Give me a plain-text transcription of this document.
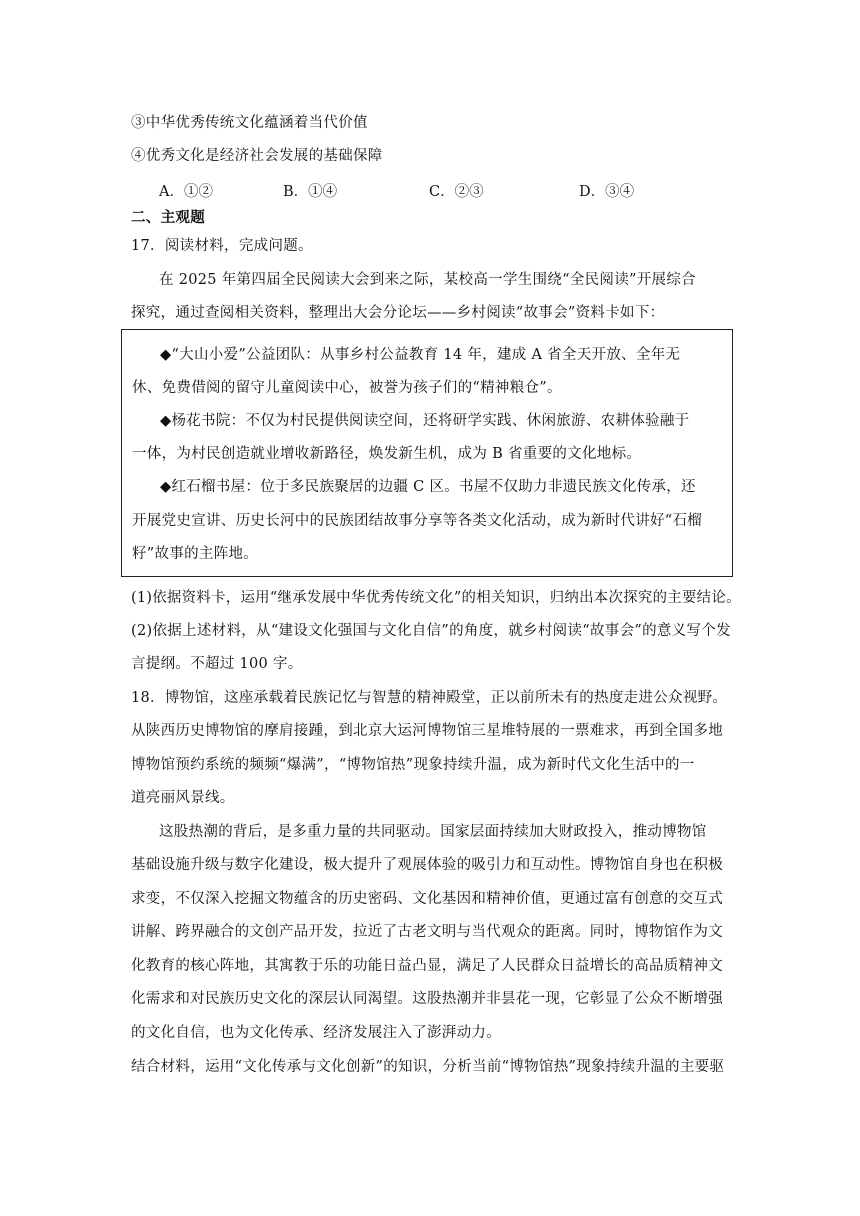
③中华优秀传统文化蕴涵着当代价值
④优秀文化是经济社会发展的基础保障
A．①②	B．①④	C．②③	D．③④
二、主观题
17．阅读材料，完成问题。
在 2025 年第四届全民阅读大会到来之际，某校高一学生围绕“全民阅读”开展综合
探究，通过查阅相关资料，整理出大会分论坛——乡村阅读“故事会”资料卡如下：
◆“大山小爱”公益团队：从事乡村公益教育 14 年，建成 A 省全天开放、全年无
休、免费借阅的留守儿童阅读中心，被誉为孩子们的“精神粮仓”。
◆杨花书院：不仅为村民提供阅读空间，还将研学实践、休闲旅游、农耕体验融于
一体，为村民创造就业增收新路径，焕发新生机，成为 B 省重要的文化地标。
◆红石榴书屋：位于多民族聚居的边疆 C 区。书屋不仅助力非遗民族文化传承，还
开展党史宣讲、历史长河中的民族团结故事分享等各类文化活动，成为新时代讲好“石榴
籽”故事的主阵地。
(1)依据资料卡，运用“继承发展中华优秀传统文化”的相关知识，归纳出本次探究的主要结论。
(2)依据上述材料，从“建设文化强国与文化自信”的角度，就乡村阅读“故事会”的意义写个发
言提纲。不超过 100 字。
18．博物馆，这座承载着民族记忆与智慧的精神殿堂，正以前所未有的热度走进公众视野。
从陕西历史博物馆的摩肩接踵，到北京大运河博物馆三星堆特展的一票难求，再到全国多地
博物馆预约系统的频频“爆满”，“博物馆热”现象持续升温，成为新时代文化生活中的一
道亮丽风景线。
这股热潮的背后，是多重力量的共同驱动。国家层面持续加大财政投入，推动博物馆
基础设施升级与数字化建设，极大提升了观展体验的吸引力和互动性。博物馆自身也在积极
求变，不仅深入挖掘文物蕴含的历史密码、文化基因和精神价值，更通过富有创意的交互式
讲解、跨界融合的文创产品开发，拉近了古老文明与当代观众的距离。同时，博物馆作为文
化教育的核心阵地，其寓教于乐的功能日益凸显，满足了人民群众日益增长的高品质精神文
化需求和对民族历史文化的深层认同渴望。这股热潮并非昙花一现，它彰显了公众不断增强
的文化自信，也为文化传承、经济发展注入了澎湃动力。
结合材料，运用“文化传承与文化创新”的知识，分析当前“博物馆热”现象持续升温的主要驱
